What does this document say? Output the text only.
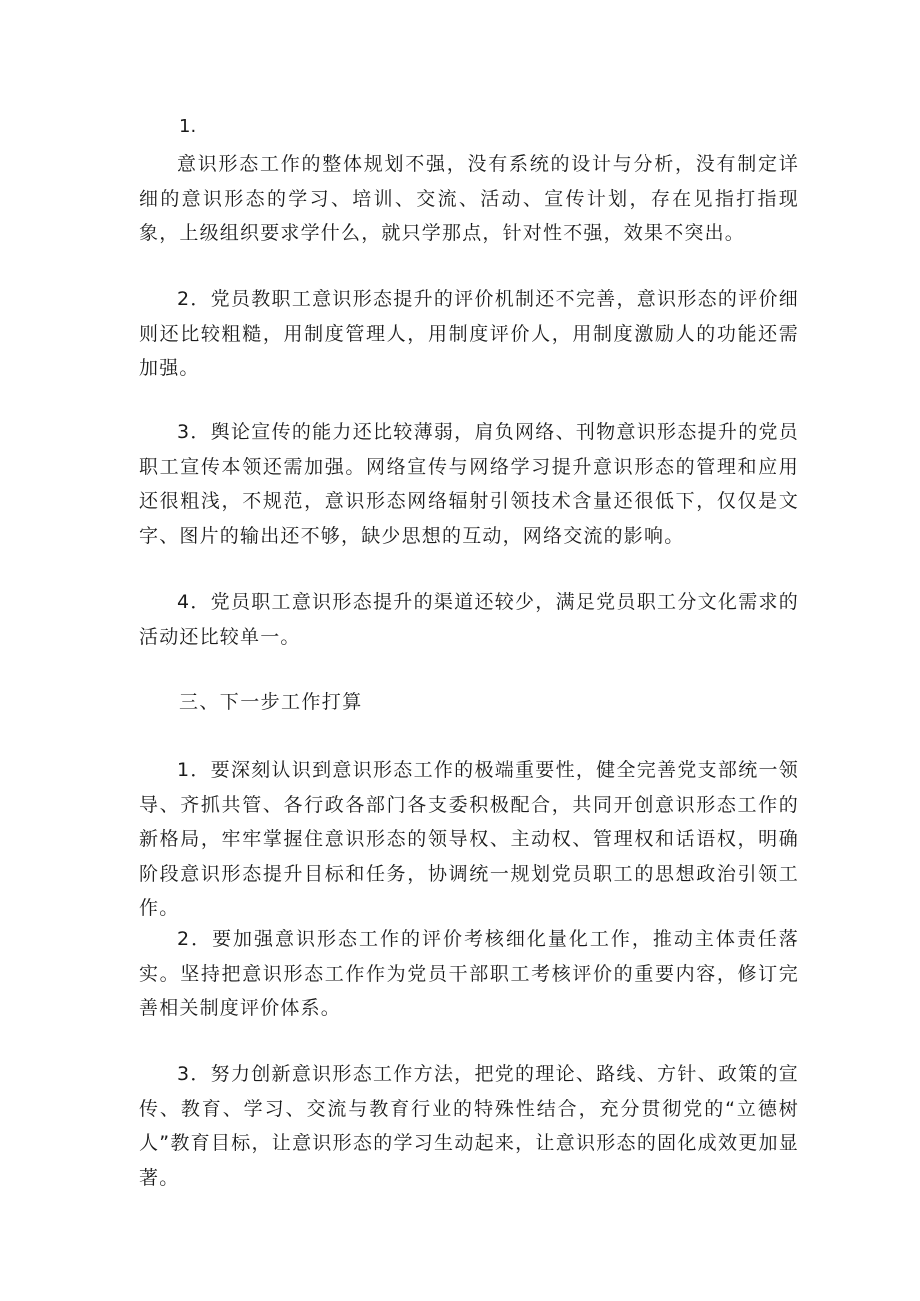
1.

意识形态工作的整体规划不强，没有系统的设计与分析，没有制定详细的意识形态的学习、培训、交流、活动、宣传计划，存在见指打指现象，上级组织要求学什么，就只学那点，针对性不强，效果不突出。

2．党员教职工意识形态提升的评价机制还不完善，意识形态的评价细则还比较粗糙，用制度管理人，用制度评价人，用制度激励人的功能还需加强。

3．舆论宣传的能力还比较薄弱，肩负网络、刊物意识形态提升的党员职工宣传本领还需加强。网络宣传与网络学习提升意识形态的管理和应用还很粗浅，不规范，意识形态网络辐射引领技术含量还很低下，仅仅是文字、图片的输出还不够，缺少思想的互动，网络交流的影响。

4．党员职工意识形态提升的渠道还较少，满足党员职工分文化需求的活动还比较单一。

三、下一步工作打算

1．要深刻认识到意识形态工作的极端重要性，健全完善党支部统一领导、齐抓共管、各行政各部门各支委积极配合，共同开创意识形态工作的新格局，牢牢掌握住意识形态的领导权、主动权、管理权和话语权，明确阶段意识形态提升目标和任务，协调统一规划党员职工的思想政治引领工作。

2．要加强意识形态工作的评价考核细化量化工作，推动主体责任落实。坚持把意识形态工作作为党员干部职工考核评价的重要内容，修订完善相关制度评价体系。

3．努力创新意识形态工作方法，把党的理论、路线、方针、政策的宣传、教育、学习、交流与教育行业的特殊性结合，充分贯彻党的“立德树人”教育目标，让意识形态的学习生动起来，让意识形态的固化成效更加显著。
